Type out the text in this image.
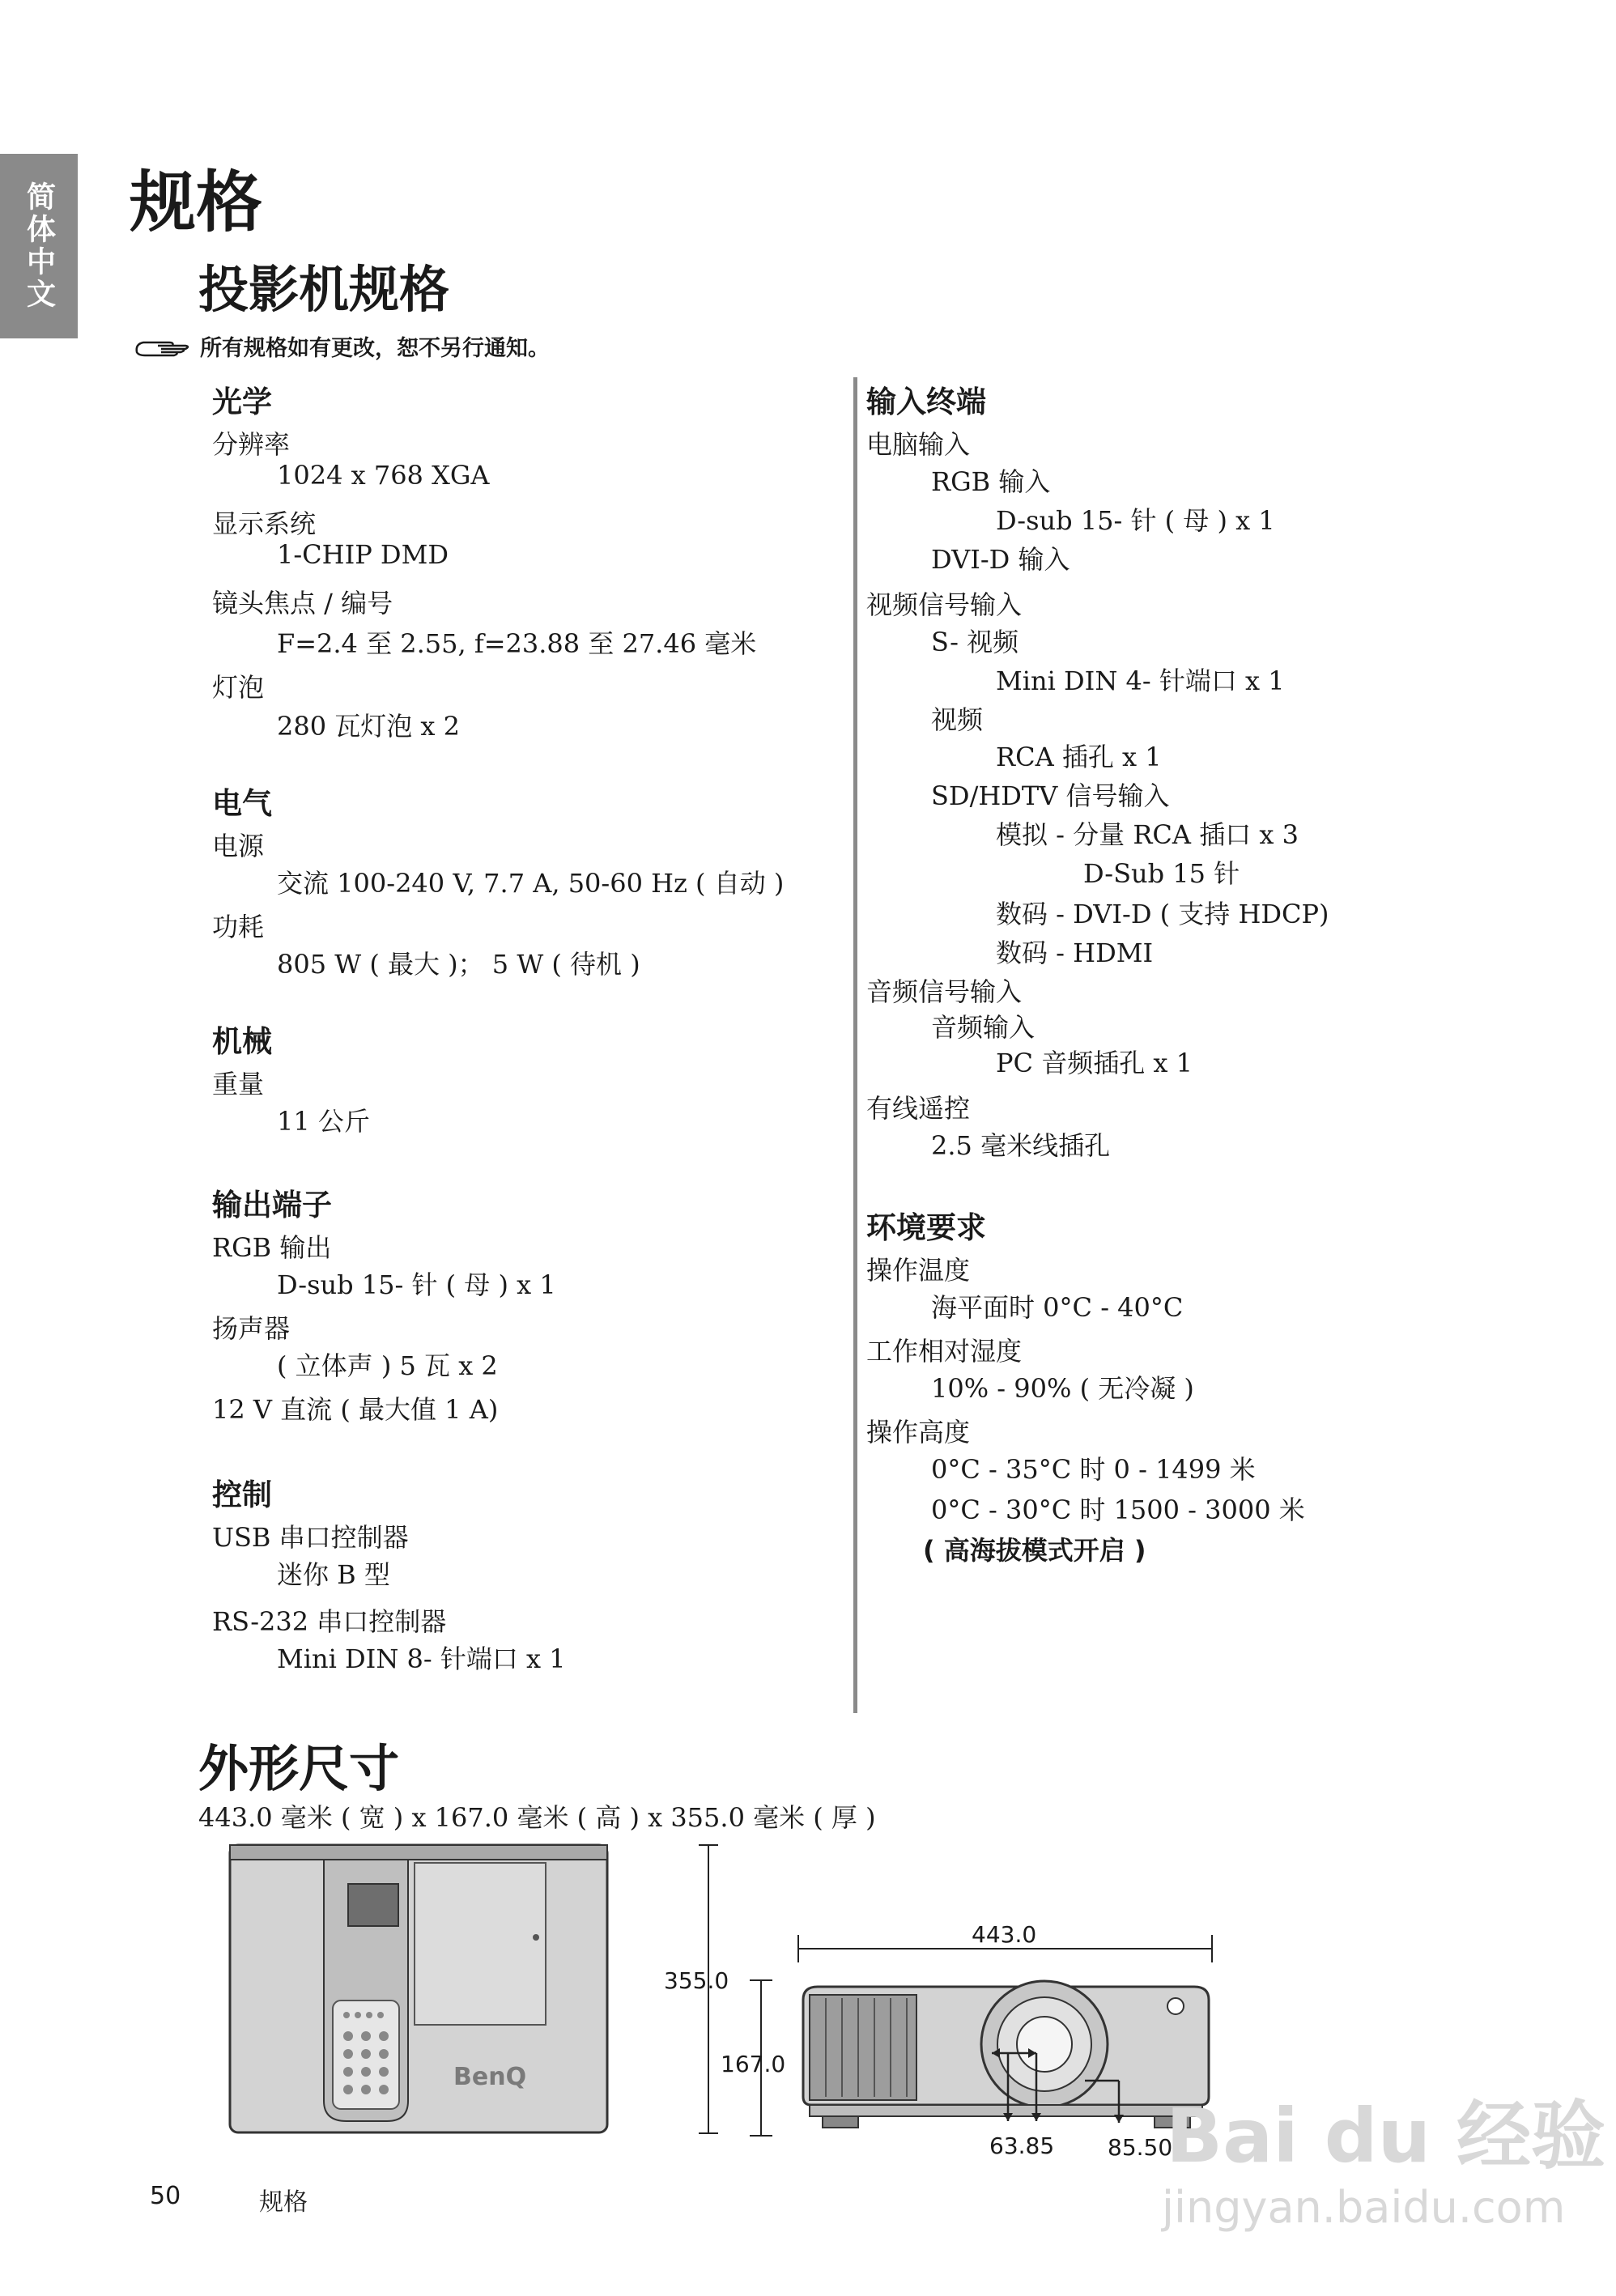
简体中文 规格
投影机规格
所有规格如有更改，恕不另行通知。
光学
分辨率
1024 x 768 XGA
显示系统
1-CHIP DMD
镜头焦点 / 编号
F=2.4 至 2.55, f=23.88 至 27.46 毫米
灯泡
280 瓦灯泡 x 2
电气
电源
交流 100-240 V, 7.7 A, 50-60 Hz ( 自动 )
功耗
805 W ( 最大 )； 5 W ( 待机 )
机械
重量
11 公斤
输出端子
RGB 输出
D-sub 15- 针 ( 母 ) x 1
扬声器
( 立体声 ) 5 瓦 x 2
12 V 直流 ( 最大值 1 A)
控制
USB 串口控制器
迷你 B 型
RS-232 串口控制器
Mini DIN 8- 针端口 x 1
输入终端
电脑输入
RGB 输入
D-sub 15- 针 ( 母 ) x 1
DVI-D 输入
视频信号输入
S- 视频
Mini DIN 4- 针端口 x 1
视频
RCA 插孔 x 1
SD/HDTV 信号输入
模拟 - 分量 RCA 插口 x 3
D-Sub 15 针
数码 - DVI-D ( 支持 HDCP)
数码 - HDMI
音频信号输入
音频输入
PC 音频插孔 x 1
有线遥控
2.5 毫米线插孔
环境要求
操作温度
海平面时 0°C - 40°C
工作相对湿度
10% - 90% ( 无冷凝 )
操作高度
0°C - 35°C 时 0 - 1499 米
0°C - 30°C 时 1500 - 3000 米
( 高海拔模式开启 )
外形尺寸
443.0 毫米 ( 宽 ) x 167.0 毫米 ( 高 ) x 355.0 毫米 ( 厚 )
BenQ
355.0
443.0
167.0
63.85 85.50
Bai du 经验
jingyan.baidu.com
50	规格
